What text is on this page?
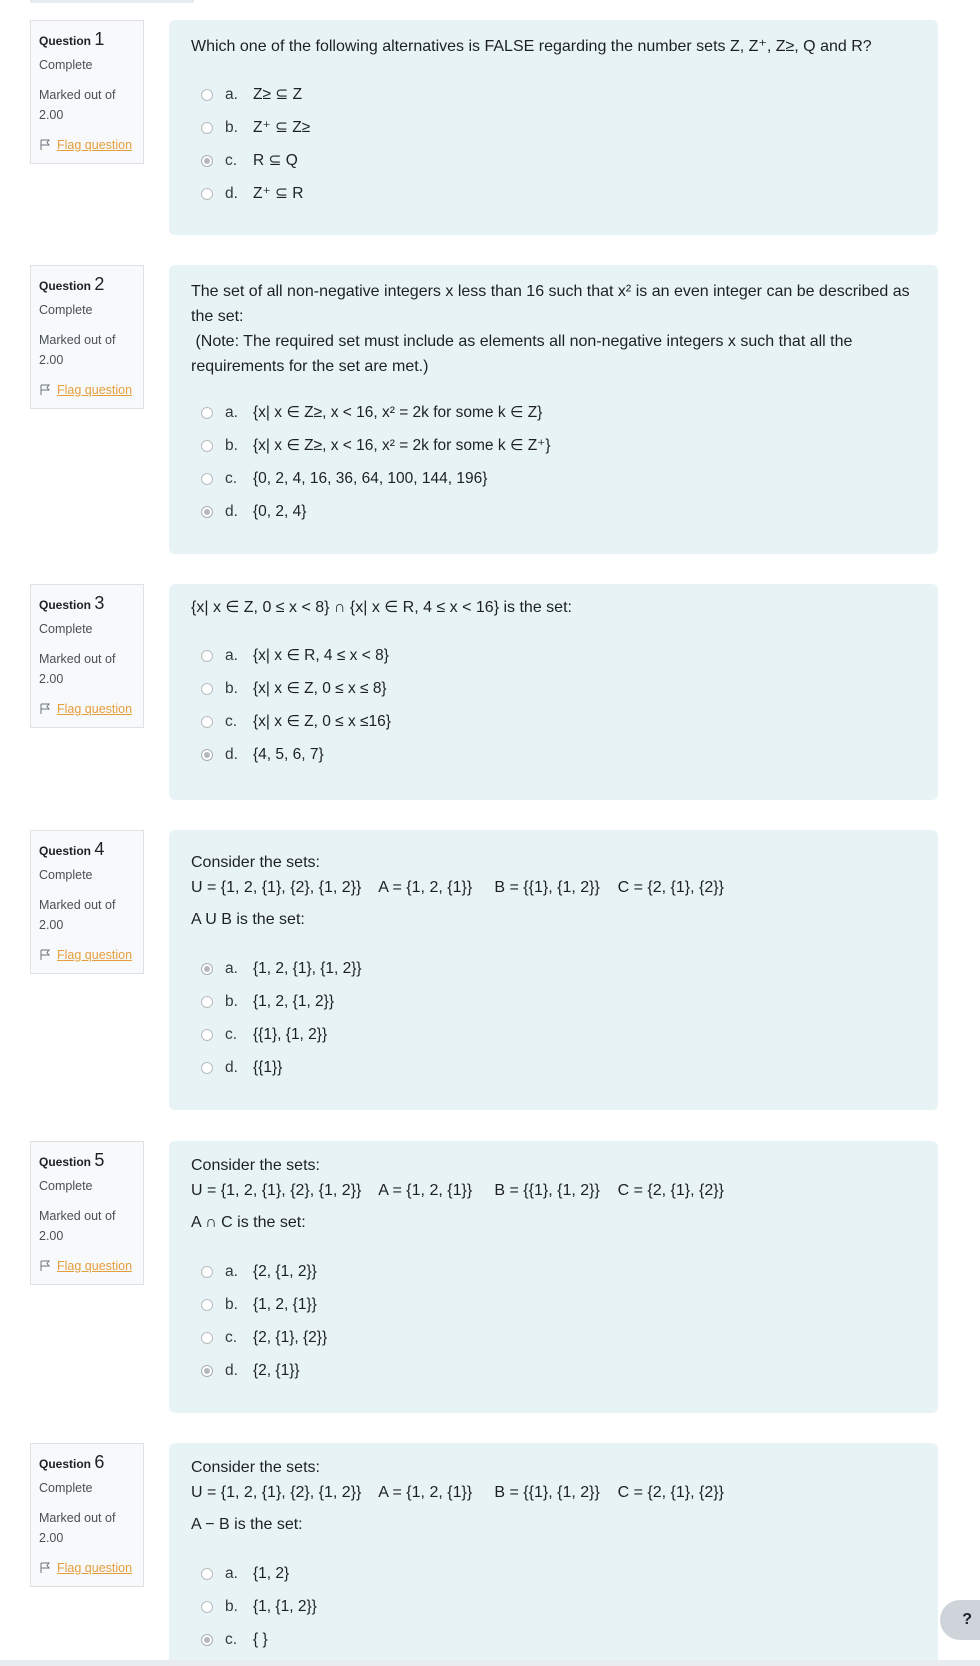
Question 1
Complete
Marked out of
2.00
Flag question

Which one of the following alternatives is FALSE regarding the number sets Z, Z⁺, Z≥, Q and R?

a. Z≥ ⊆ Z
b. Z⁺ ⊆ Z≥
c.	R ⊆ Q
d. Z⁺ ⊆ R
Question 2
Complete
Marked out of
2.00
Flag question

The set of all non-negative integers x less than 16 such that x² is an even integer can be described as the set:

(Note: The required set must include as elements all non-negative integers x such that all the requirements for the set are met.)

a. {x| x ∈ Z≥, x < 16, x² = 2k for some k ∈ Z}
b. {x| x ∈ Z≥, x < 16, x² = 2k for some k ∈ Z⁺}
c.	{0, 2, 4, 16, 36, 64, 100, 144, 196}
d. {0, 2, 4}
Question 3
Complete
Marked out of
2.00
Flag question

{x| x ∈ Z, 0 ≤ x < 8} ∩ {x| x ∈ R, 4 ≤ x < 16} is the set:

a. {x| x ∈ R, 4 ≤ x < 8}
b. {x| x ∈ Z, 0 ≤ x ≤ 8}
c.	{x| x ∈ Z, 0 ≤ x ≤16}
d. {4, 5, 6, 7}
Question 4
Complete
Marked out of
2.00
Flag question

Consider the sets:

U = {1, 2, {1}, {2}, {1, 2}}    A = {1, 2, {1}}     B = {{1}, {1, 2}}    C = {2, {1}, {2}}

A U B is the set:

a. {1, 2, {1}, {1, 2}}
b. {1, 2, {1, 2}}
c.	{{1}, {1, 2}}
d. {{1}}
Question 5
Complete
Marked out of
2.00
Flag question

Consider the sets:

U = {1, 2, {1}, {2}, {1, 2}}    A = {1, 2, {1}}     B = {{1}, {1, 2}}    C = {2, {1}, {2}}

A ∩ C is the set:

a. {2, {1, 2}}
b. {1, 2, {1}}
c.	{2, {1}, {2}}
d. {2, {1}}
Question 6
Complete
Marked out of
2.00
Flag question

Consider the sets:

U = {1, 2, {1}, {2}, {1, 2}}    A = {1, 2, {1}}     B = {{1}, {1, 2}}    C = {2, {1}, {2}}

A − B is the set:

a. {1, 2}
b. {1, {1, 2}}
c.	{ }
?
